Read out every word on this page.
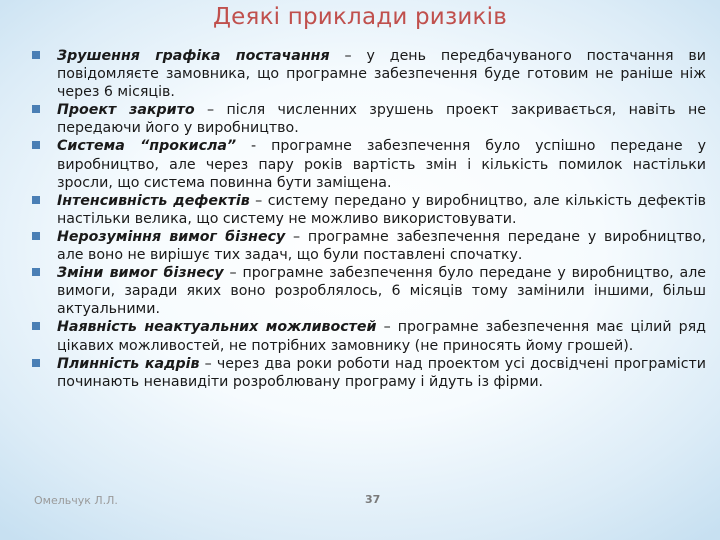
Деякі приклади ризиків
Зрушення графіка постачання – у день передбачуваного постачання ви повідомляєте замовника, що програмне забезпечення буде готовим не раніше ніж через 6 місяців.
Проект закрито – після численних зрушень проект закривається, навіть не передаючи його у виробництво.
Система “прокисла” - програмне забезпечення було успішно передане у виробництво, але через пару років вартість змін і кількість помилок настільки зросли, що система повинна бути заміщена.
Інтенсивність дефектів – систему передано у виробництво, але кількість дефектів настільки велика, що систему не можливо використовувати.
Нерозуміння вимог бізнесу – програмне забезпечення передане у виробництво, але воно не вирішує тих задач, що були поставлені спочатку.
Зміни вимог бізнесу – програмне забезпечення було передане у виробництво, але вимоги, заради яких воно розроблялось, 6 місяців тому замінили іншими, більш актуальними.
Наявність неактуальних можливостей – програмне забезпечення має цілий ряд цікавих можливостей, не потрібних замовнику (не приносять йому грошей).
Плинність кадрів – через два роки роботи над проектом усі досвідчені програмісти починають ненавидіти розроблювану програму і йдуть із фірми.
Омельчук Л.Л.	37
